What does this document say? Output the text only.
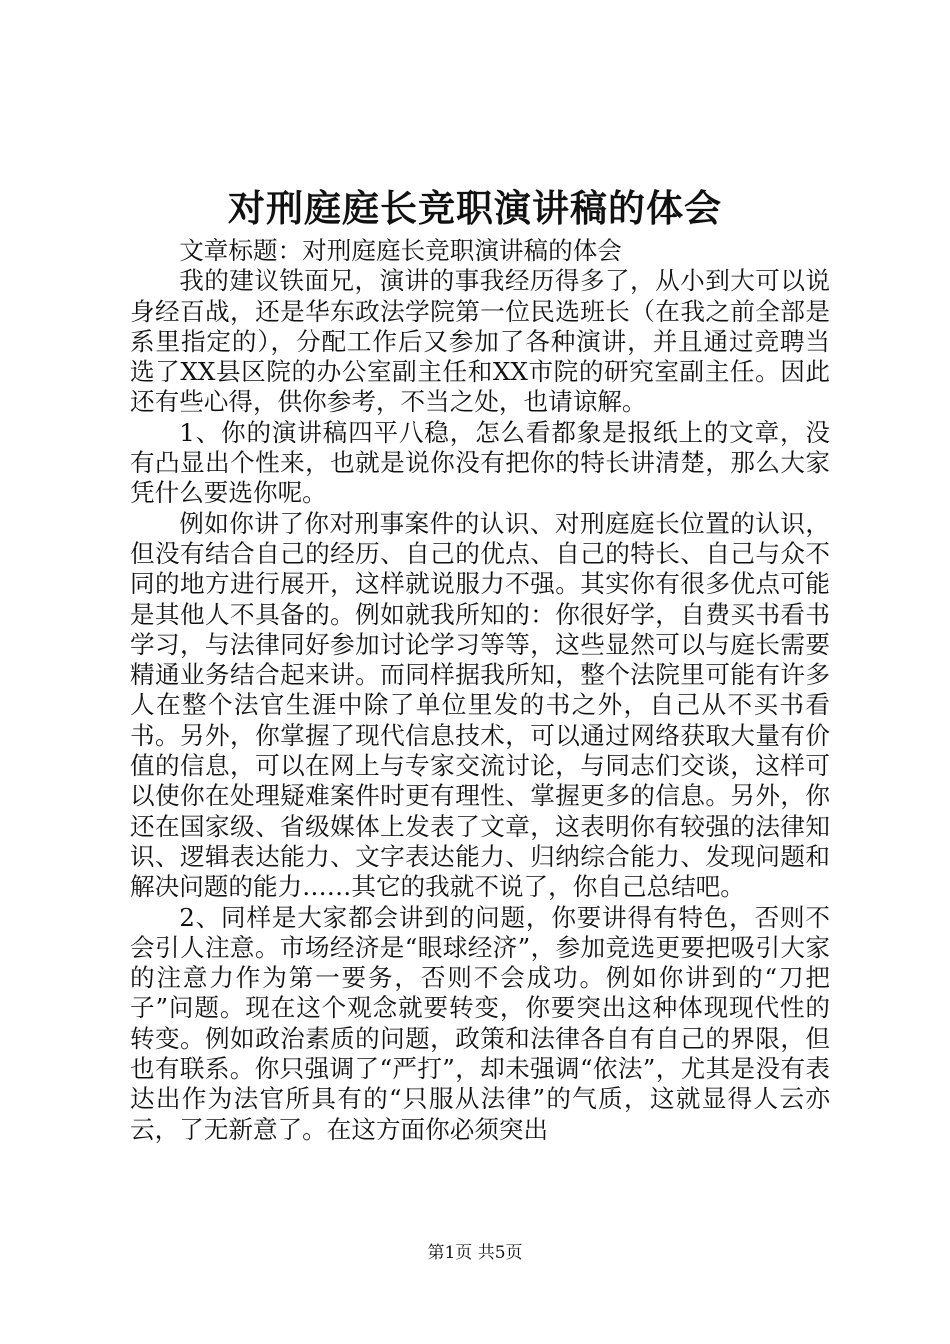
对刑庭庭长竞职演讲稿的体会

文章标题：对刑庭庭长竞职演讲稿的体会

我的建议铁面兄，演讲的事我经历得多了，从小到大可以说身经百战，还是华东政法学院第一位民选班长（在我之前全部是系里指定的），分配工作后又参加了各种演讲，并且通过竞聘当选了XX县区院的办公室副主任和XX市院的研究室副主任。因此还有些心得，供你参考，不当之处，也请谅解。

1、你的演讲稿四平八稳，怎么看都象是报纸上的文章，没有凸显出个性来，也就是说你没有把你的特长讲清楚，那么大家凭什么要选你呢。

例如你讲了你对刑事案件的认识、对刑庭庭长位置的认识，但没有结合自己的经历、自己的优点、自己的特长、自己与众不同的地方进行展开，这样就说服力不强。其实你有很多优点可能是其他人不具备的。例如就我所知的：你很好学，自费买书看书学习，与法律同好参加讨论学习等等，这些显然可以与庭长需要精通业务结合起来讲。而同样据我所知，整个法院里可能有许多人在整个法官生涯中除了单位里发的书之外，自己从不买书看书。另外，你掌握了现代信息技术，可以通过网络获取大量有价值的信息，可以在网上与专家交流讨论，与同志们交谈，这样可以使你在处理疑难案件时更有理性、掌握更多的信息。另外，你还在国家级、省级媒体上发表了文章，这表明你有较强的法律知识、逻辑表达能力、文字表达能力、归纳综合能力、发现问题和解决问题的能力……其它的我就不说了，你自己总结吧。

2、同样是大家都会讲到的问题，你要讲得有特色，否则不会引人注意。市场经济是“眼球经济”，参加竞选更要把吸引大家的注意力作为第一要务，否则不会成功。例如你讲到的“刀把子”问题。现在这个观念就要转变，你要突出这种体现现代性的转变。例如政治素质的问题，政策和法律各自有自己的界限，但也有联系。你只强调了“严打”，却未强调“依法”，尤其是没有表达出作为法官所具有的“只服从法律”的气质，这就显得人云亦云，了无新意了。在这方面你必须突出

第1页 共5页
